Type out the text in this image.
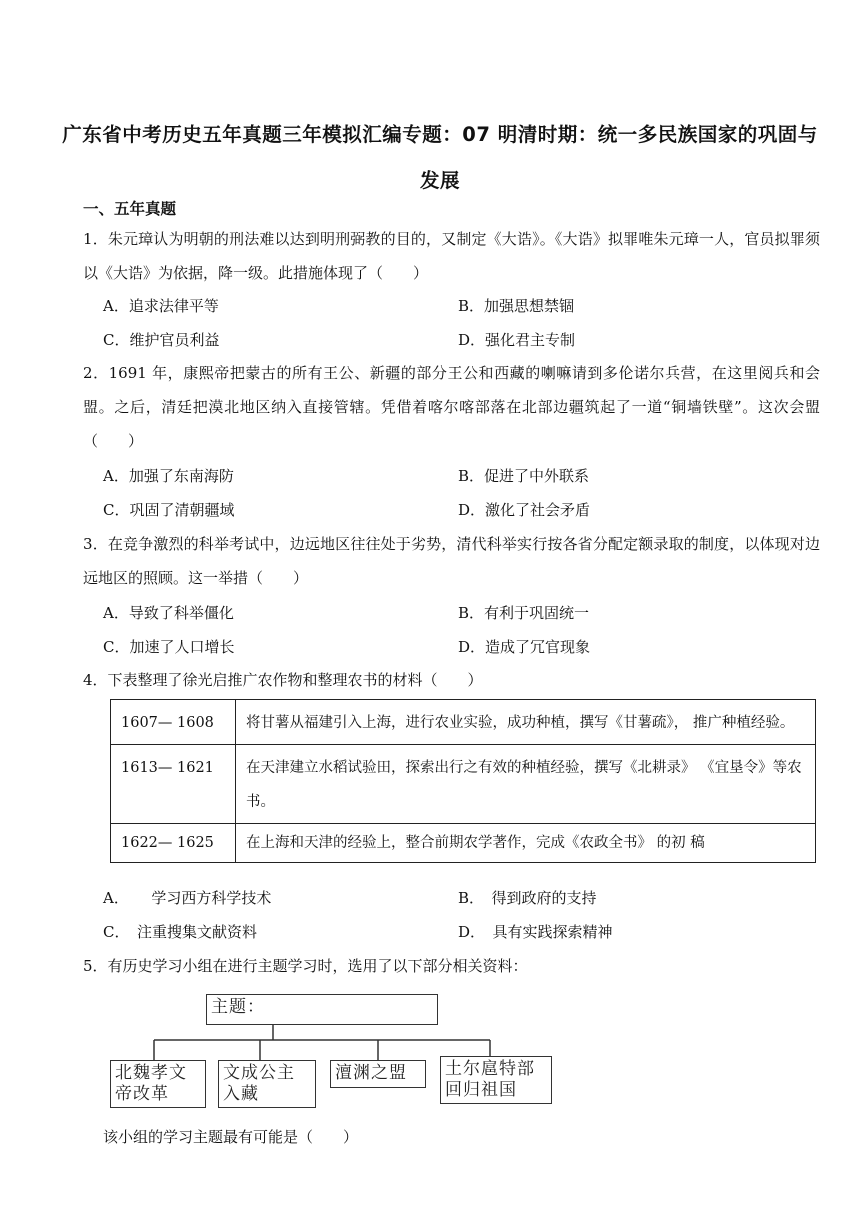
广东省中考历史五年真题三年模拟汇编专题：07 明清时期：统一多民族国家的巩固与发展
一、五年真题
1．朱元璋认为明朝的刑法难以达到明刑弼教的目的，又制定《大诰》。《大诰》拟罪唯朱元璋一人，官员拟罪须以《大诰》为依据，降一级。此措施体现了（　　）
A．追求法律平等	B．加强思想禁锢
C．维护官员利益	D．强化君主专制
2．1691 年，康熙帝把蒙古的所有王公、新疆的部分王公和西藏的喇嘛请到多伦诺尔兵营，在这里阅兵和会盟。之后，清廷把漠北地区纳入直接管辖。凭借着喀尔喀部落在北部边疆筑起了一道“铜墙铁壁”。这次会盟（　　）
A．加强了东南海防	B．促进了中外联系
C．巩固了清朝疆域	D．激化了社会矛盾
3．在竞争激烈的科举考试中，边远地区往往处于劣势，清代科举实行按各省分配定额录取的制度，以体现对边远地区的照顾。这一举措（　　）
A．导致了科举僵化	B．有利于巩固统一
C．加速了人口增长	D．造成了冗官现象
4．下表整理了徐光启推广农作物和整理农书的材料（　　）
1607— 1608	将甘薯从福建引入上海，进行农业实验，成功种植，撰写《甘薯疏》， 推广种植经验。
1613— 1621	在天津建立水稻试验田，探索出行之有效的种植经验，撰写《北耕录》 《宜垦令》等农书。
1622— 1625	在上海和天津的经验上，整合前期农学著作，完成《农政全书》 的初 稿
A．　　学习西方科学技术	B．　得到政府的支持
C．　注重搜集文献资料	D．　具有实践探索精神
5．有历史学习小组在进行主题学习时，选用了以下部分相关资料：
主题：
北魏孝文帝改革
文成公主入藏
澶渊之盟	土尔扈特部回归祖国
该小组的学习主题最有可能是（　　）
